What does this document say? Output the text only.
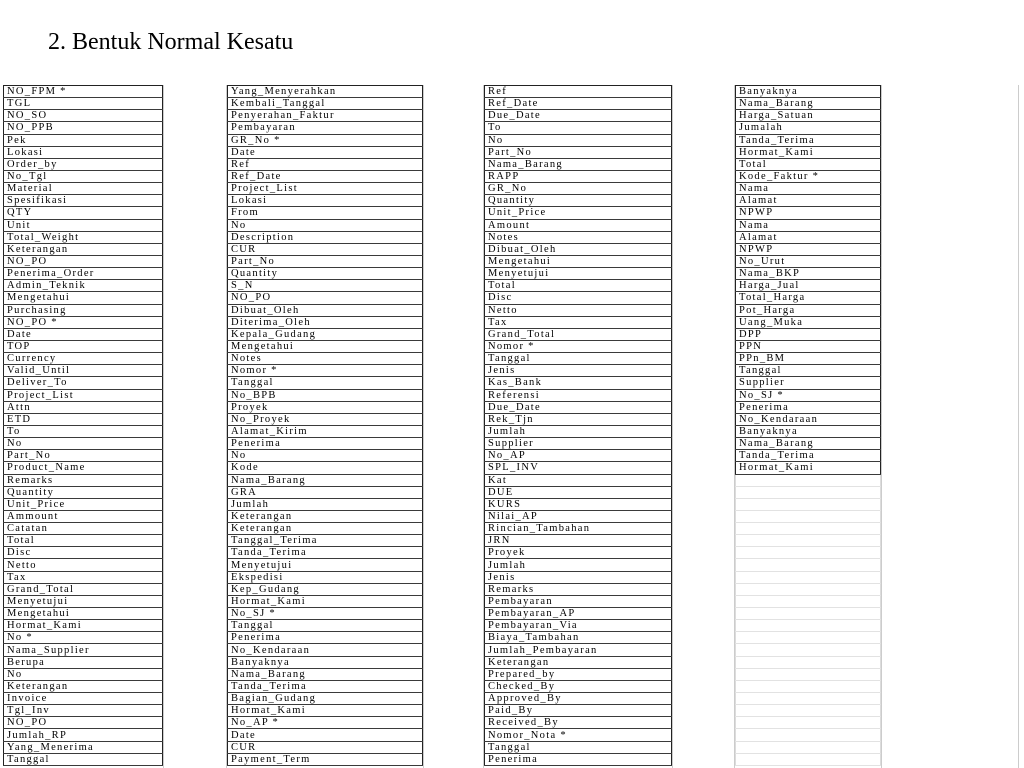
2. Bentuk Normal Kesatu
NO_FPM *
TGL
NO_SO
NO_PPB
Pek
Lokasi
Order_by
No_Tgl
Material
Spesifikasi
QTY
Unit
Total_Weight
Keterangan
NO_PO
Penerima_Order
Admin_Teknik
Mengetahui
Purchasing
NO_PO *
Date
TOP
Currency
Valid_Until
Deliver_To
Project_List
Attn
ETD
To
No
Part_No
Product_Name
Remarks
Quantity
Unit_Price
Ammount
Catatan
Total
Disc
Netto
Tax
Grand_Total
Menyetujui
Mengetahui
Hormat_Kami
No *
Nama_Supplier
Berupa
No
Keterangan
Invoice
Tgl_Inv
NO_PO
Jumlah_RP
Yang_Menerima
Tanggal
Yang_Menyerahkan
Kembali_Tanggal
Penyerahan_Faktur
Pembayaran
GR_No *
Date
Ref
Ref_Date
Project_List
Lokasi
From
No
Description
CUR
Part_No
Quantity
S_N
NO_PO
Dibuat_Oleh
Diterima_Oleh
Kepala_Gudang
Mengetahui
Notes
Nomor *
Tanggal
No_BPB
Proyek
No_Proyek
Alamat_Kirim
Penerima
No
Kode
Nama_Barang
GRA
Jumlah
Keterangan
Keterangan
Tanggal_Terima
Tanda_Terima
Menyetujui
Ekspedisi
Kep_Gudang
Hormat_Kami
No_SJ *
Tanggal
Penerima
No_Kendaraan
Banyaknya
Nama_Barang
Tanda_Terima
Bagian_Gudang
Hormat_Kami
No_AP *
Date
CUR
Payment_Term
Ref
Ref_Date
Due_Date
To
No
Part_No
Nama_Barang
RAPP
GR_No
Quantity
Unit_Price
Amount
Notes
Dibuat_Oleh
Mengetahui
Menyetujui
Total
Disc
Netto
Tax
Grand_Total
Nomor *
Tanggal
Jenis
Kas_Bank
Referensi
Due_Date
Rek_Tjn
Jumlah
Supplier
No_AP
SPL_INV
Kat
DUE
KURS
Nilai_AP
Rincian_Tambahan
JRN
Proyek
Jumlah
Jenis
Remarks
Pembayaran
Pembayaran_AP
Pembayaran_Via
Biaya_Tambahan
Jumlah_Pembayaran
Keterangan
Prepared_by
Checked_By
Approved_By
Paid_By
Received_By
Nomor_Nota *
Tanggal
Penerima
Banyaknya
Nama_Barang
Harga_Satuan
Jumalah
Tanda_Terima
Hormat_Kami
Total
Kode_Faktur *
Nama
Alamat
NPWP
Nama
Alamat
NPWP
No_Urut
Nama_BKP
Harga_Jual
Total_Harga
Pot_Harga
Uang_Muka
DPP
PPN
PPn_BM
Tanggal
Supplier
No_SJ *
Penerima
No_Kendaraan
Banyaknya
Nama_Barang
Tanda_Terima
Hormat_Kami
